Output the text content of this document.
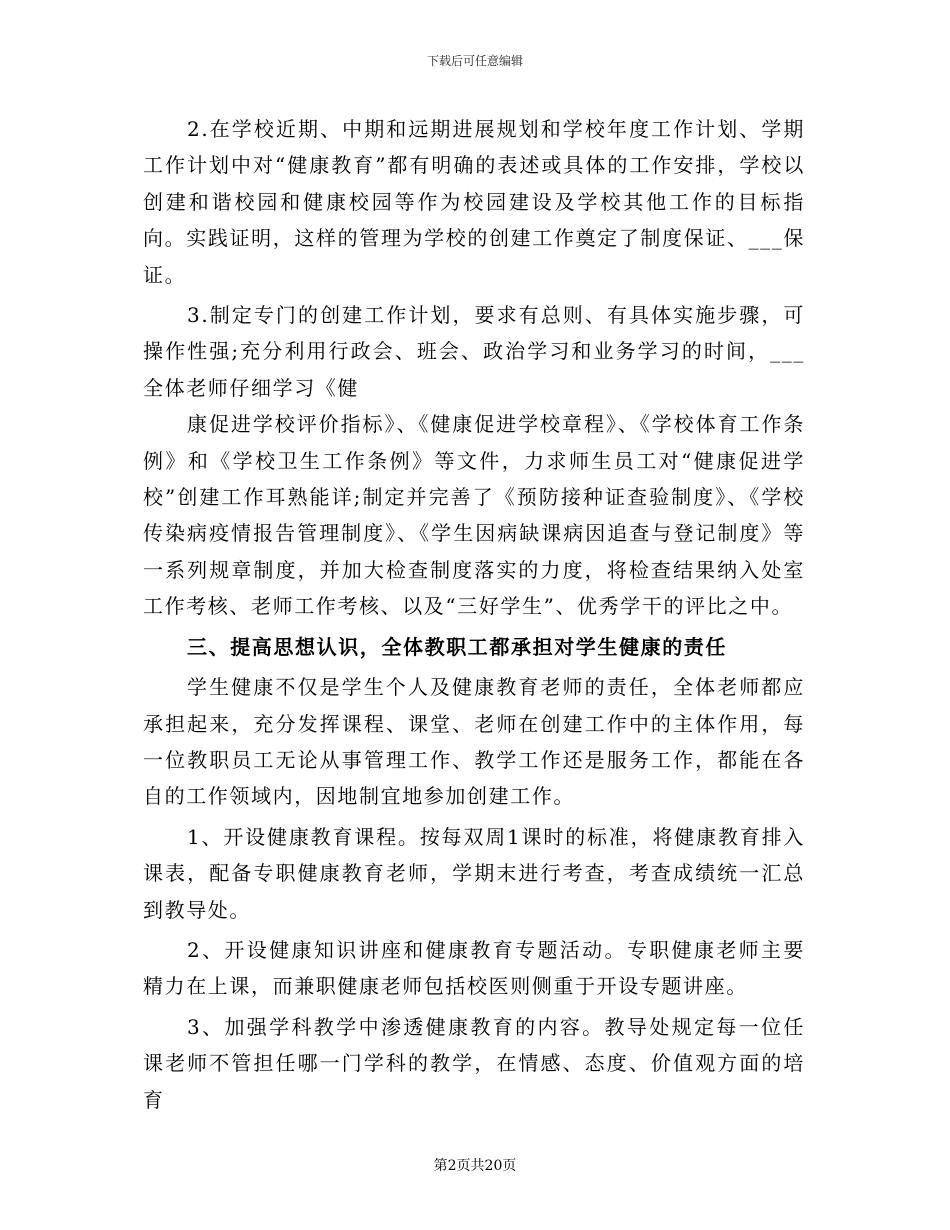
下载后可任意编辑

2.在学校近期、中期和远期进展规划和学校年度工作计划、学期工作计划中对“健康教育”都有明确的表述或具体的工作安排，学校以创建和谐校园和健康校园等作为校园建设及学校其他工作的目标指向。实践证明，这样的管理为学校的创建工作奠定了制度保证、___保证。

3.制定专门的创建工作计划，要求有总则、有具体实施步骤，可操作性强;充分利用行政会、班会、政治学习和业务学习的时间，___全体老师仔细学习《健

康促进学校评价指标》、《健康促进学校章程》、《学校体育工作条例》和《学校卫生工作条例》等文件，力求师生员工对“健康促进学校”创建工作耳熟能详;制定并完善了《预防接种证查验制度》、《学校传染病疫情报告管理制度》、《学生因病缺课病因追查与登记制度》等一系列规章制度，并加大检查制度落实的力度，将检查结果纳入处室工作考核、老师工作考核、以及“三好学生”、优秀学干的评比之中。

三、提高思想认识，全体教职工都承担对学生健康的责任

学生健康不仅是学生个人及健康教育老师的责任，全体老师都应承担起来，充分发挥课程、课堂、老师在创建工作中的主体作用，每一位教职员工无论从事管理工作、教学工作还是服务工作，都能在各自的工作领域内，因地制宜地参加创建工作。

1、开设健康教育课程。按每双周1课时的标准，将健康教育排入课表，配备专职健康教育老师，学期末进行考查，考查成绩统一汇总到教导处。

2、开设健康知识讲座和健康教育专题活动。专职健康老师主要精力在上课，而兼职健康老师包括校医则侧重于开设专题讲座。

3、加强学科教学中渗透健康教育的内容。教导处规定每一位任课老师不管担任哪一门学科的教学，在情感、态度、价值观方面的培育

第2页共20页
